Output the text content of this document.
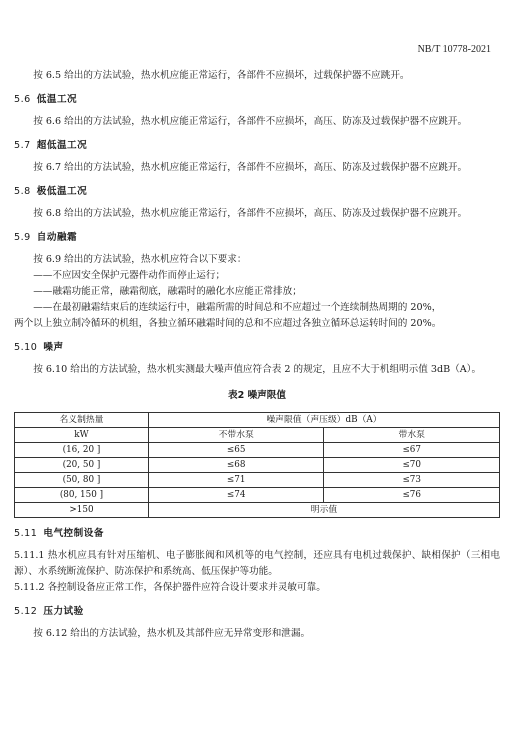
NB/T 10778-2021

按 6.5 给出的方法试验，热水机应能正常运行，各部件不应损坏，过载保护器不应跳开。

5.6 低温工况

按 6.6 给出的方法试验，热水机应能正常运行，各部件不应损坏，高压、防冻及过载保护器不应跳开。

5.7 超低温工况

按 6.7 给出的方法试验，热水机应能正常运行，各部件不应损坏，高压、防冻及过载保护器不应跳开。

5.8 极低温工况

按 6.8 给出的方法试验，热水机应能正常运行，各部件不应损坏，高压、防冻及过载保护器不应跳开。

5.9 自动融霜

按 6.9 给出的方法试验，热水机应符合以下要求：

——不应因安全保护元器件动作而停止运行；

——融霜功能正常，融霜彻底，融霜时的融化水应能正常排放；

——在最初融霜结束后的连续运行中，融霜所需的时间总和不应超过一个连续制热周期的 20%，

两个以上独立制冷循环的机组，各独立循环融霜时间的总和不应超过各独立循环总运转时间的 20%。

5.10 噪声

按 6.10 给出的方法试验，热水机实测最大噪声值应符合表 2 的规定，且应不大于机组明示值 3dB（A）。

表2 噪声限值
名义制热量	噪声限值（声压级）dB（A）	
kW	不带水泵	带水泵
(16, 20 ]	≤65	≤67
(20, 50 ]	≤68	≤70
(50, 80 ]	≤71	≤73
(80, 150 ]	≤74	≤76
>150	明示值	

5.11 电气控制设备

5.11.1 热水机应具有针对压缩机、电子膨胀阀和风机等的电气控制，还应具有电机过载保护、缺相保护（三相电源）、水系统断流保护、防冻保护和系统高、低压保护等功能。

5.11.2 各控制设备应正常工作，各保护器件应符合设计要求并灵敏可靠。

5.12 压力试验

按 6.12 给出的方法试验，热水机及其部件应无异常变形和泄漏。
